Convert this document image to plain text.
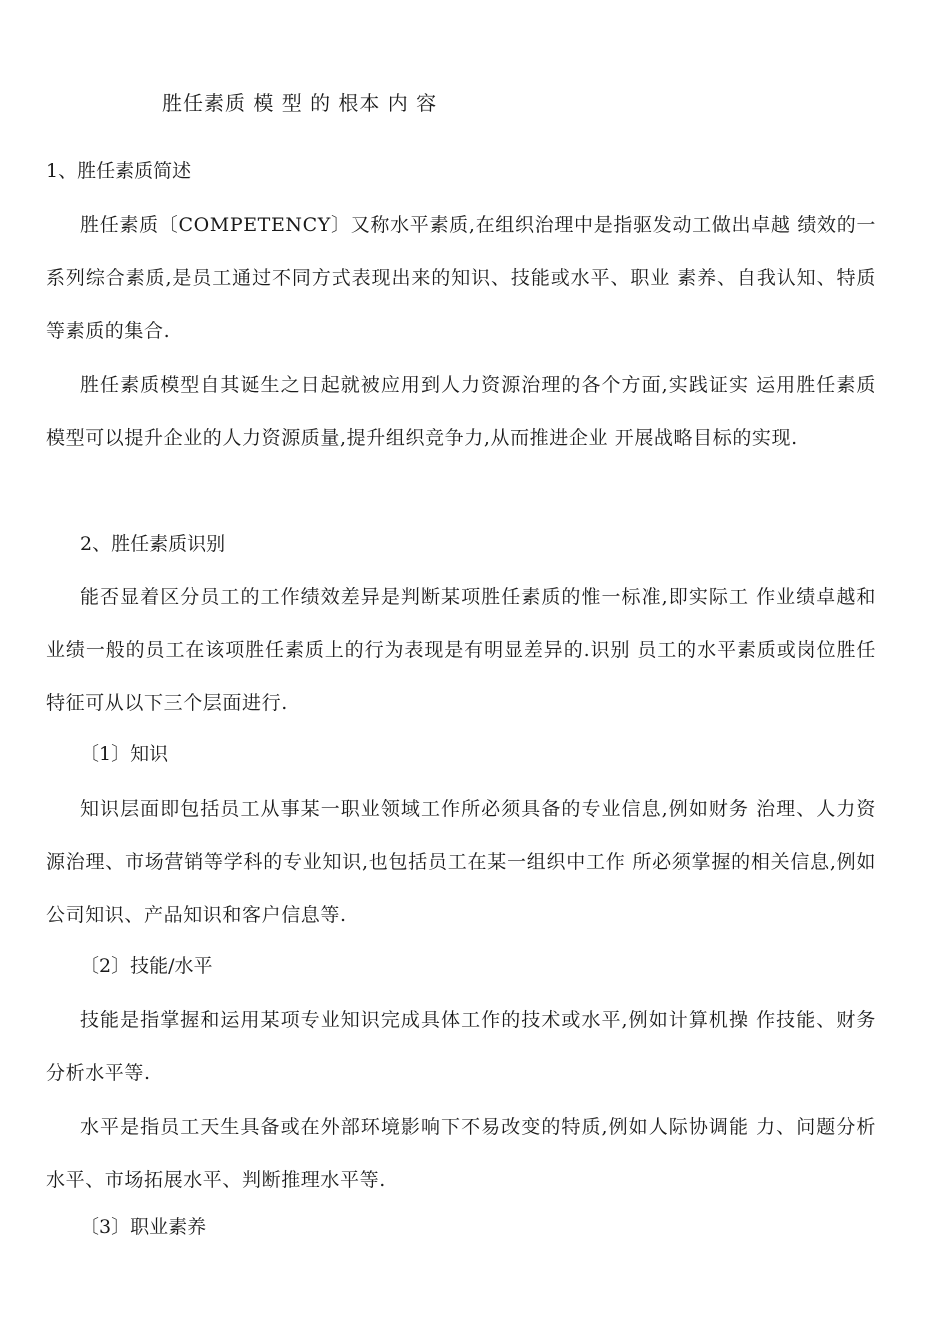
胜任素质 模 型 的 根本 内 容
1、胜任素质简述

胜任素质〔COMPETENCY〕又称水平素质,在组织治理中是指驱发动工做出卓越 绩效的一系列综合素质,是员工通过不同方式表现出来的知识、技能或水平、职业 素养、自我认知、特质等素质的集合.

胜任素质模型自其诞生之日起就被应用到人力资源治理的各个方面,实践证实 运用胜任素质模型可以提升企业的人力资源质量,提升组织竞争力,从而推进企业 开展战略目标的实现.

2、胜任素质识别

能否显着区分员工的工作绩效差异是判断某项胜任素质的惟一标准,即实际工 作业绩卓越和业绩一般的员工在该项胜任素质上的行为表现是有明显差异的.识别 员工的水平素质或岗位胜任特征可从以下三个层面进行.

〔1〕知识

知识层面即包括员工从事某一职业领域工作所必须具备的专业信息,例如财务 治理、人力资源治理、市场营销等学科的专业知识,也包括员工在某一组织中工作 所必须掌握的相关信息,例如公司知识、产品知识和客户信息等.

〔2〕技能/水平

技能是指掌握和运用某项专业知识完成具体工作的技术或水平,例如计算机操 作技能、财务分析水平等.

水平是指员工天生具备或在外部环境影响下不易改变的特质,例如人际协调能 力、问题分析水平、市场拓展水平、判断推理水平等.

〔3〕职业素养
